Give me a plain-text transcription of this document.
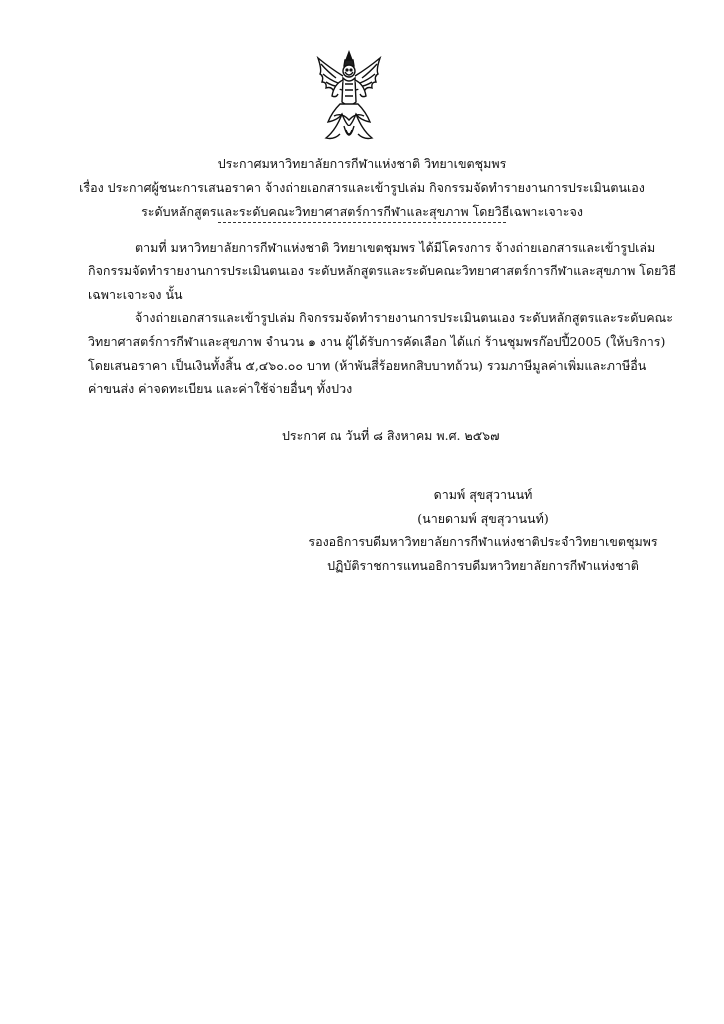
ประกาศมหาวิทยาลัยการกีฬาแห่งชาติ วิทยาเขตชุมพร
เรื่อง ประกาศผู้ชนะการเสนอราคา จ้างถ่ายเอกสารและเข้ารูปเล่ม กิจกรรมจัดทำรายงานการประเมินตนเอง
ระดับหลักสูตรและระดับคณะวิทยาศาสตร์การกีฬาและสุขภาพ โดยวิธีเฉพาะเจาะจง
ตามที่ มหาวิทยาลัยการกีฬาแห่งชาติ วิทยาเขตชุมพร ได้มีโครงการ จ้างถ่ายเอกสารและเข้ารูปเล่ม
กิจกรรมจัดทำรายงานการประเมินตนเอง ระดับหลักสูตรและระดับคณะวิทยาศาสตร์การกีฬาและสุขภาพ โดยวิธี
เฉพาะเจาะจง นั้น
จ้างถ่ายเอกสารและเข้ารูปเล่ม กิจกรรมจัดทำรายงานการประเมินตนเอง ระดับหลักสูตรและระดับคณะ
วิทยาศาสตร์การกีฬาและสุขภาพ จำนวน ๑ งาน ผู้ได้รับการคัดเลือก ได้แก่ ร้านชุมพรก๊อปปี้2005 (ให้บริการ)
โดยเสนอราคา เป็นเงินทั้งสิ้น ๕,๔๖๐.๐๐ บาท (ห้าพันสี่ร้อยหกสิบบาทถ้วน) รวมภาษีมูลค่าเพิ่มและภาษีอื่น
ค่าขนส่ง ค่าจดทะเบียน และค่าใช้จ่ายอื่นๆ ทั้งปวง
ประกาศ ณ วันที่ ๘ สิงหาคม พ.ศ. ๒๕๖๗
ดามพ์ สุขสุวานนท์
(นายดามพ์ สุขสุวานนท์)
รองอธิการบดีมหาวิทยาลัยการกีฬาแห่งชาติประจำวิทยาเขตชุมพร
ปฏิบัติราชการแทนอธิการบดีมหาวิทยาลัยการกีฬาแห่งชาติ
